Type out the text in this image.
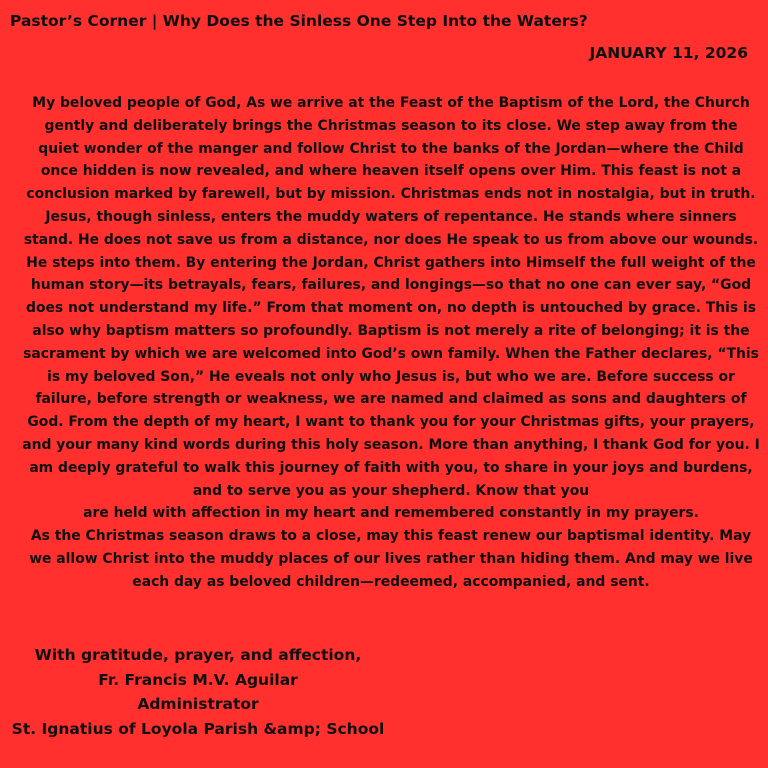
Pastor’s Corner | Why Does the Sinless One Step Into the Waters?
JANUARY 11, 2026

My beloved people of God, As we arrive at the Feast of the Baptism of the Lord, the Church gently and deliberately brings the Christmas season to its close. We step away from the quiet wonder of the manger and follow Christ to the banks of the Jordan—where the Child once hidden is now revealed, and where heaven itself opens over Him. This feast is not a conclusion marked by farewell, but by mission. Christmas ends not in nostalgia, but in truth. Jesus, though sinless, enters the muddy waters of repentance. He stands where sinners stand. He does not save us from a distance, nor does He speak to us from above our wounds. He steps into them. By entering the Jordan, Christ gathers into Himself the full weight of the human story—its betrayals, fears, failures, and longings—so that no one can ever say, “God does not understand my life.” From that moment on, no depth is untouched by grace. This is also why baptism matters so profoundly. Baptism is not merely a rite of belonging; it is the sacrament by which we are welcomed into God’s own family. When the Father declares, “This is my beloved Son,” He eveals not only who Jesus is, but who we are. Before success or failure, before strength or weakness, we are named and claimed as sons and daughters of God. From the depth of my heart, I want to thank you for your Christmas gifts, your prayers, and your many kind words during this holy season. More than anything, I thank God for you. I am deeply grateful to walk this journey of faith with you, to share in your joys and burdens, and to serve you as your shepherd. Know that you

are held with affection in my heart and remembered constantly in my prayers.

As the Christmas season draws to a close, may this feast renew our baptismal identity. May we allow Christ into the muddy places of our lives rather than hiding them. And may we live each day as beloved children—redeemed, accompanied, and sent.

With gratitude, prayer, and affection,
Fr. Francis M.V. Aguilar
Administrator
St. Ignatius of Loyola Parish &amp; School
